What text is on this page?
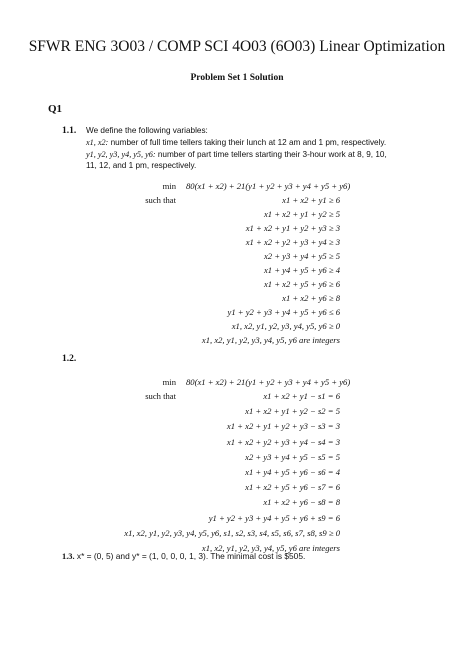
SFWR ENG 3O03 / COMP SCI 4O03 (6O03) Linear Optimization
Problem Set 1 Solution
Q1
1.1. We define the following variables:
x1, x2: number of full time tellers taking their lunch at 12 am and 1 pm, respectively.
y1, y2, y3, y4, y5, y6: number of part time tellers starting their 3-hour work at 8, 9, 10,
11, 12, and 1 pm, respectively.
min
such that
80(x1 + x2) + 21(y1 + y2 + y3 + y4 + y5 + y6)
x1 + x2 + y1 ≥ 6
x1 + x2 + y1 + y2 ≥ 5
x1 + x2 + y1 + y2 + y3 ≥ 3
x1 + x2 + y2 + y3 + y4 ≥ 3
x2 + y3 + y4 + y5 ≥ 5
x1 + y4 + y5 + y6 ≥ 4
x1 + x2 + y5 + y6 ≥ 6
x1 + x2 + y6 ≥ 8
y1 + y2 + y3 + y4 + y5 + y6 ≤ 6
x1, x2, y1, y2, y3, y4, y5, y6 ≥ 0
x1, x2, y1, y2, y3, y4, y5, y6 are integers
1.2.
min
such that
80(x1 + x2) + 21(y1 + y2 + y3 + y4 + y5 + y6)
x1 + x2 + y1 − s1 = 6
x1 + x2 + y1 + y2 − s2 = 5
x1 + x2 + y1 + y2 + y3 − s3 = 3
x1 + x2 + y2 + y3 + y4 − s4 = 3
x2 + y3 + y4 + y5 − s5 = 5
x1 + y4 + y5 + y6 − s6 = 4
x1 + x2 + y5 + y6 − s7 = 6
x1 + x2 + y6 − s8 = 8
y1 + y2 + y3 + y4 + y5 + y6 + s9 = 6
x1, x2, y1, y2, y3, y4, y5, y6, s1, s2, s3, s4, s5, s6, s7, s8, s9 ≥ 0
x1, x2, y1, y2, y3, y4, y5, y6 are integers
1.3. x* = (0, 5) and y* = (1, 0, 0, 0, 1, 3). The minimal cost is $505.
